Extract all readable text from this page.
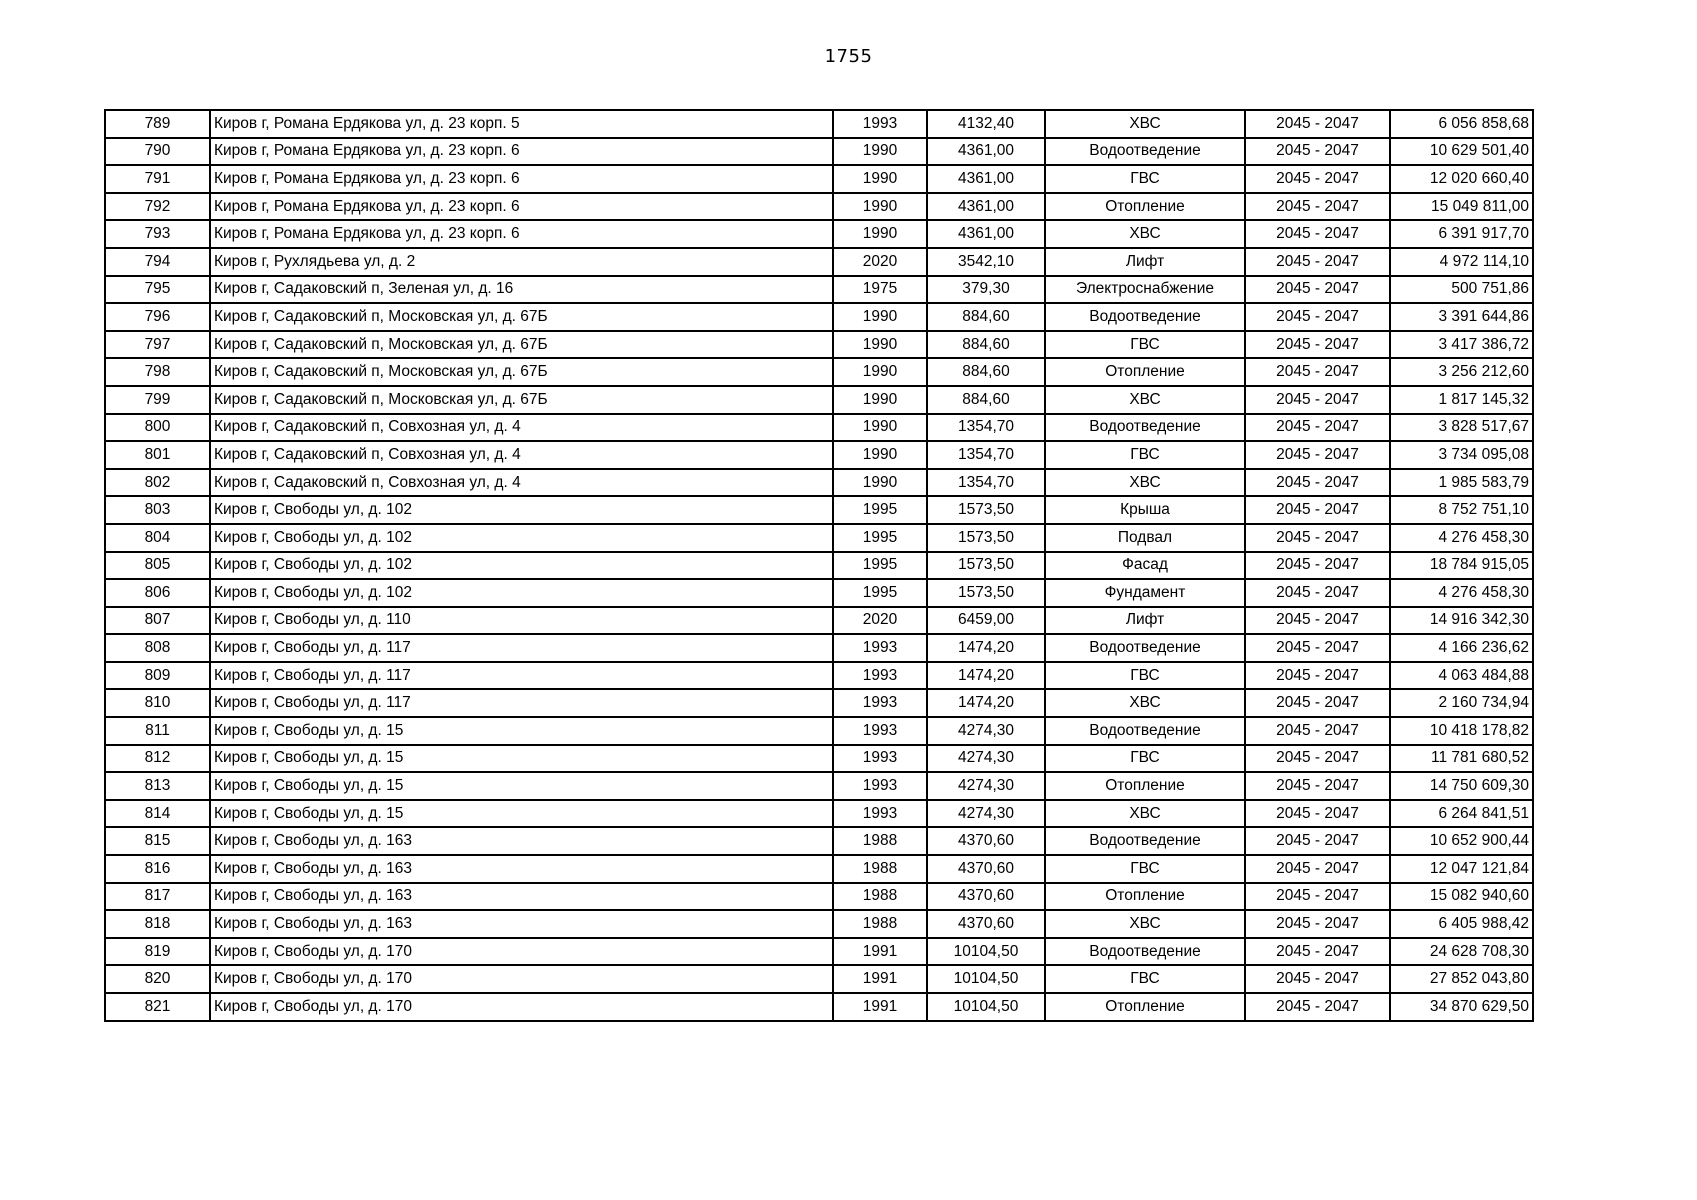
1755
789	Киров г, Романа Ердякова ул, д. 23 корп. 5	1993	4132,40	ХВС	2045 - 2047	6 056 858,68
790	Киров г, Романа Ердякова ул, д. 23 корп. 6	1990	4361,00	Водоотведение	2045 - 2047	10 629 501,40
791	Киров г, Романа Ердякова ул, д. 23 корп. 6	1990	4361,00	ГВС	2045 - 2047	12 020 660,40
792	Киров г, Романа Ердякова ул, д. 23 корп. 6	1990	4361,00	Отопление	2045 - 2047	15 049 811,00
793	Киров г, Романа Ердякова ул, д. 23 корп. 6	1990	4361,00	ХВС	2045 - 2047	6 391 917,70
794	Киров г, Рухлядьева ул, д. 2	2020	3542,10	Лифт	2045 - 2047	4 972 114,10
795	Киров г, Садаковский п, Зеленая ул, д. 16	1975	379,30	Электроснабжение	2045 - 2047	500 751,86
796	Киров г, Садаковский п, Московская ул, д. 67Б	1990	884,60	Водоотведение	2045 - 2047	3 391 644,86
797	Киров г, Садаковский п, Московская ул, д. 67Б	1990	884,60	ГВС	2045 - 2047	3 417 386,72
798	Киров г, Садаковский п, Московская ул, д. 67Б	1990	884,60	Отопление	2045 - 2047	3 256 212,60
799	Киров г, Садаковский п, Московская ул, д. 67Б	1990	884,60	ХВС	2045 - 2047	1 817 145,32
800	Киров г, Садаковский п, Совхозная ул, д. 4	1990	1354,70	Водоотведение	2045 - 2047	3 828 517,67
801	Киров г, Садаковский п, Совхозная ул, д. 4	1990	1354,70	ГВС	2045 - 2047	3 734 095,08
802	Киров г, Садаковский п, Совхозная ул, д. 4	1990	1354,70	ХВС	2045 - 2047	1 985 583,79
803	Киров г, Свободы ул, д. 102	1995	1573,50	Крыша	2045 - 2047	8 752 751,10
804	Киров г, Свободы ул, д. 102	1995	1573,50	Подвал	2045 - 2047	4 276 458,30
805	Киров г, Свободы ул, д. 102	1995	1573,50	Фасад	2045 - 2047	18 784 915,05
806	Киров г, Свободы ул, д. 102	1995	1573,50	Фундамент	2045 - 2047	4 276 458,30
807	Киров г, Свободы ул, д. 110	2020	6459,00	Лифт	2045 - 2047	14 916 342,30
808	Киров г, Свободы ул, д. 117	1993	1474,20	Водоотведение	2045 - 2047	4 166 236,62
809	Киров г, Свободы ул, д. 117	1993	1474,20	ГВС	2045 - 2047	4 063 484,88
810	Киров г, Свободы ул, д. 117	1993	1474,20	ХВС	2045 - 2047	2 160 734,94
811	Киров г, Свободы ул, д. 15	1993	4274,30	Водоотведение	2045 - 2047	10 418 178,82
812	Киров г, Свободы ул, д. 15	1993	4274,30	ГВС	2045 - 2047	11 781 680,52
813	Киров г, Свободы ул, д. 15	1993	4274,30	Отопление	2045 - 2047	14 750 609,30
814	Киров г, Свободы ул, д. 15	1993	4274,30	ХВС	2045 - 2047	6 264 841,51
815	Киров г, Свободы ул, д. 163	1988	4370,60	Водоотведение	2045 - 2047	10 652 900,44
816	Киров г, Свободы ул, д. 163	1988	4370,60	ГВС	2045 - 2047	12 047 121,84
817	Киров г, Свободы ул, д. 163	1988	4370,60	Отопление	2045 - 2047	15 082 940,60
818	Киров г, Свободы ул, д. 163	1988	4370,60	ХВС	2045 - 2047	6 405 988,42
819	Киров г, Свободы ул, д. 170	1991	10104,50	Водоотведение	2045 - 2047	24 628 708,30
820	Киров г, Свободы ул, д. 170	1991	10104,50	ГВС	2045 - 2047	27 852 043,80
821	Киров г, Свободы ул, д. 170	1991	10104,50	Отопление	2045 - 2047	34 870 629,50
